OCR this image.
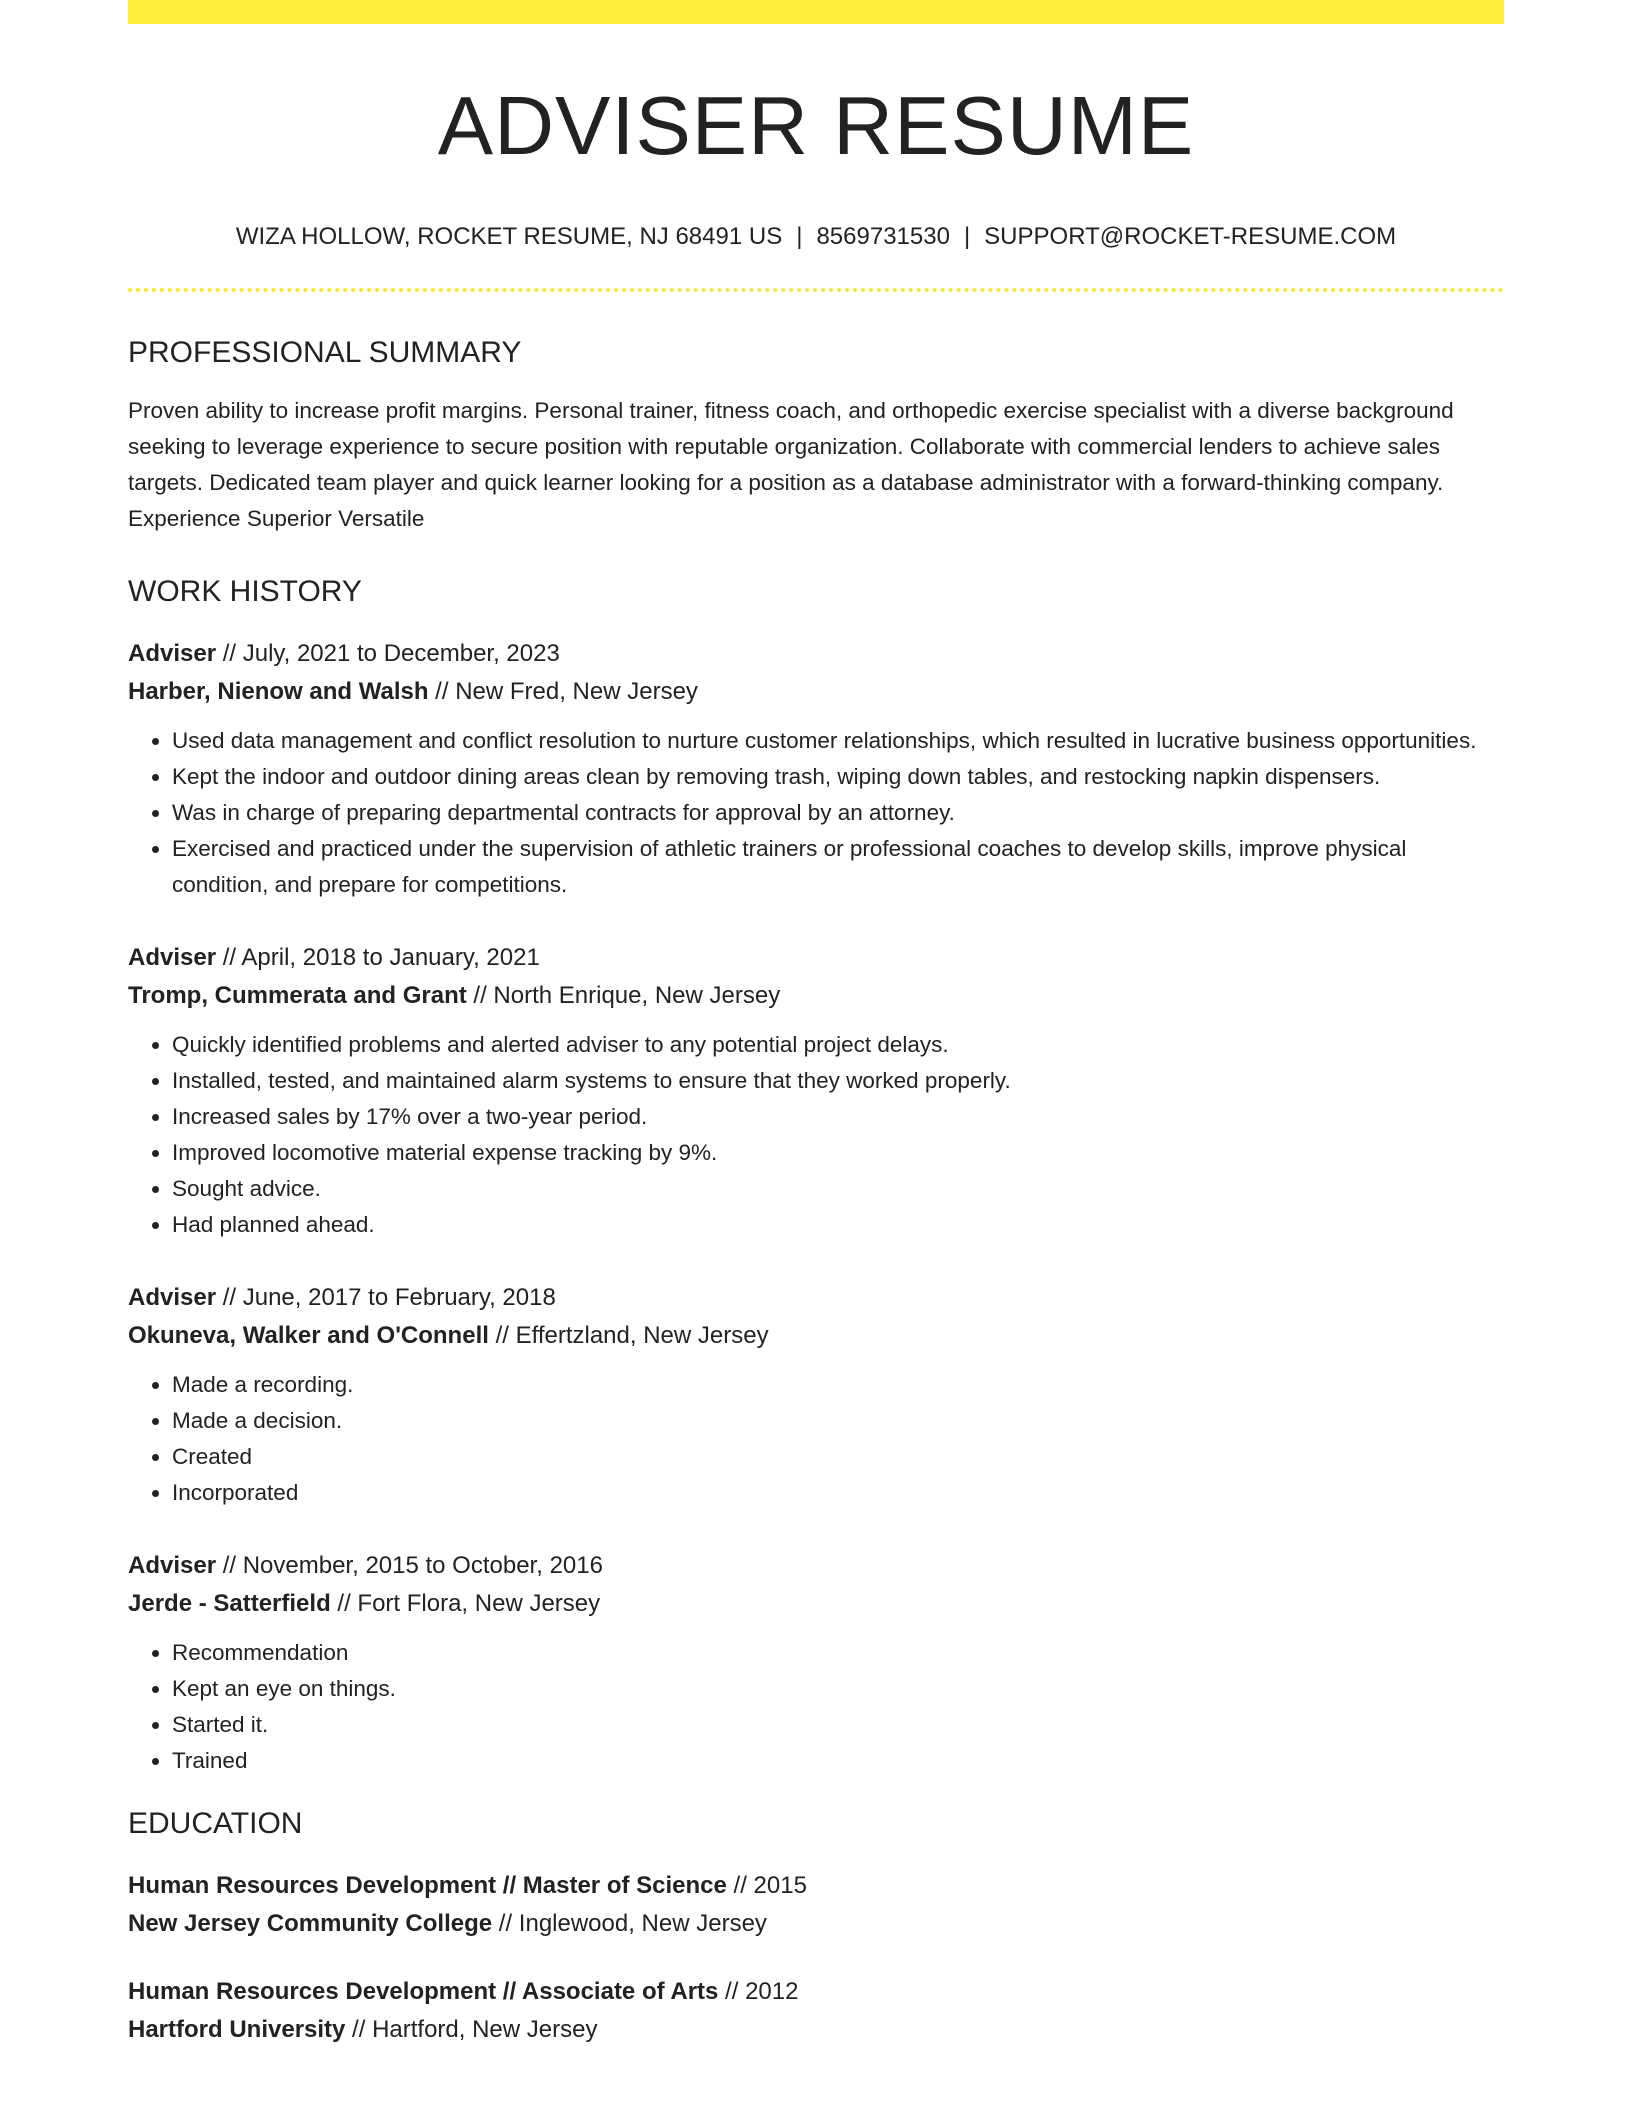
ADVISER RESUME
WIZA HOLLOW, ROCKET RESUME, NJ 68491 US | 8569731530 | SUPPORT@ROCKET-RESUME.COM
PROFESSIONAL SUMMARY

Proven ability to increase profit margins. Personal trainer, fitness coach, and orthopedic exercise specialist with a diverse background seeking to leverage experience to secure position with reputable organization. Collaborate with commercial lenders to achieve sales targets. Dedicated team player and quick learner looking for a position as a database administrator with a forward-thinking company. Experience Superior Versatile

WORK HISTORY
Adviser // July, 2021 to December, 2023
Harber, Nienow and Walsh // New Fred, New Jersey
• Used data management and conflict resolution to nurture customer relationships, which resulted in lucrative business opportunities.
• Kept the indoor and outdoor dining areas clean by removing trash, wiping down tables, and restocking napkin dispensers.
• Was in charge of preparing departmental contracts for approval by an attorney.
• Exercised and practiced under the supervision of athletic trainers or professional coaches to develop skills, improve physical condition, and prepare for competitions.
Adviser // April, 2018 to January, 2021
Tromp, Cummerata and Grant // North Enrique, New Jersey
• Quickly identified problems and alerted adviser to any potential project delays.
• Installed, tested, and maintained alarm systems to ensure that they worked properly.
• Increased sales by 17% over a two-year period.
• Improved locomotive material expense tracking by 9%.
• Sought advice.
• Had planned ahead.
Adviser // June, 2017 to February, 2018
Okuneva, Walker and O'Connell // Effertzland, New Jersey
• Made a recording.
• Made a decision.
• Created
• Incorporated
Adviser // November, 2015 to October, 2016
Jerde - Satterfield // Fort Flora, New Jersey
• Recommendation
• Kept an eye on things.
• Started it.
• Trained
EDUCATION
Human Resources Development // Master of Science // 2015
New Jersey Community College // Inglewood, New Jersey
Human Resources Development // Associate of Arts // 2012
Hartford University // Hartford, New Jersey
